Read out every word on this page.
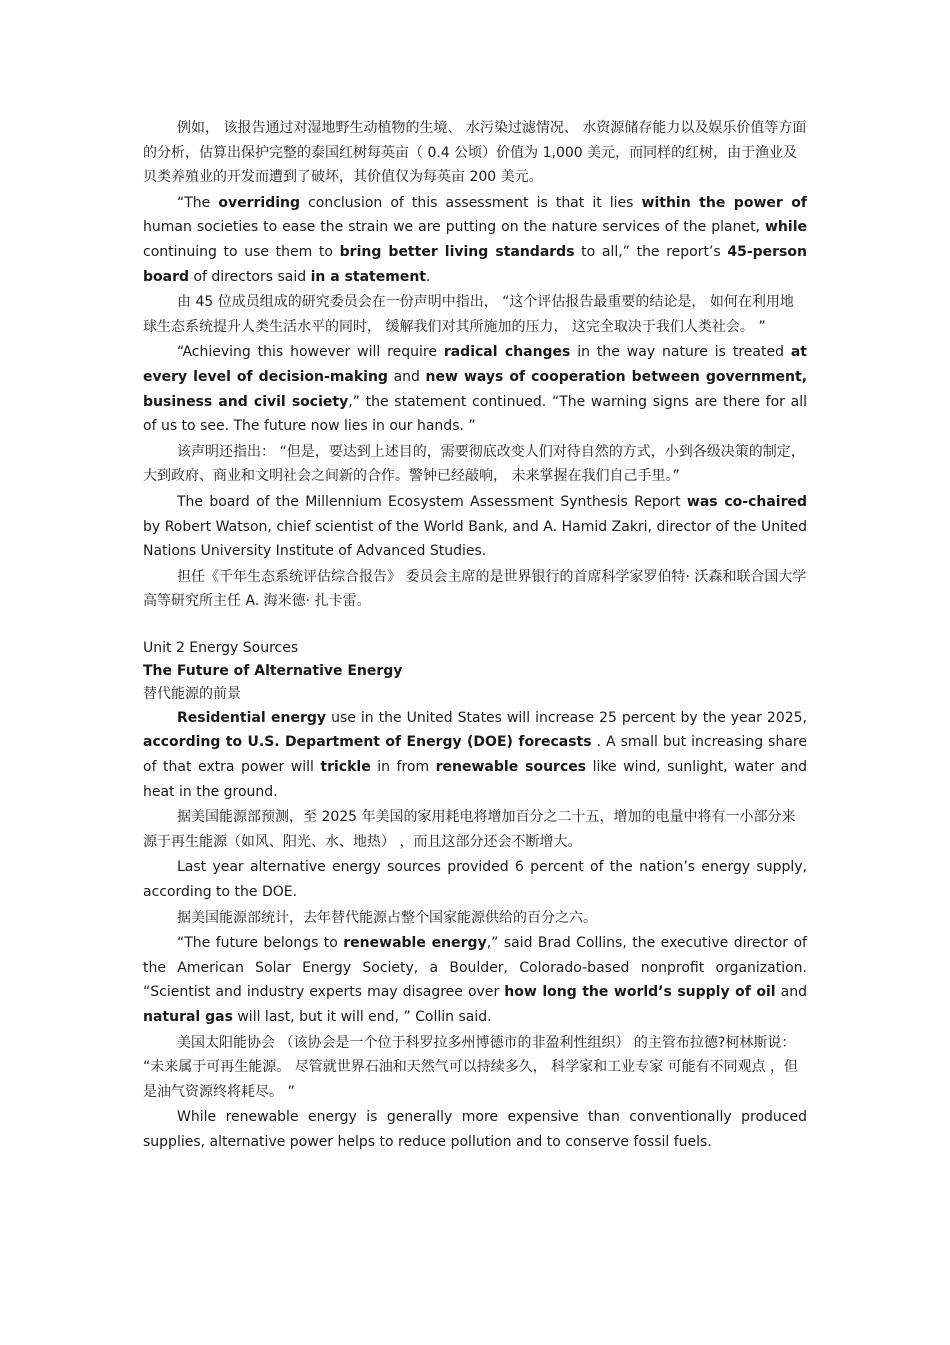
例如， 该报告通过对湿地野生动植物的生境、 水污染过滤情况、 水资源储存能力以及娱乐价值等方面的分析，估算出保护完整的泰国红树每英亩（ 0.4 公顷）价值为 1,000 美元，而同样的红树，由于渔业及贝类养殖业的开发而遭到了破坏，其价值仅为每英亩 200 美元。

“The overriding conclusion of this assessment is that it lies within the power of human societies to ease the strain we are putting on the nature services of the planet, while continuing to use them to bring better living standards to all,” the report’s 45-person board of directors said in a statement.

由 45 位成员组成的研究委员会在一份声明中指出， “这个评估报告最重要的结论是， 如何在利用地球生态系统提升人类生活水平的同时， 缓解我们对其所施加的压力， 这完全取决于我们人类社会。 ”

“Achieving this however will require radical changes in the way nature is treated at every level of decision-making and new ways of cooperation between government, business and civil society,” the statement continued. “The warning signs are there for all of us to see. The future now lies in our hands. ”

该声明还指出： “但是，要达到上述目的，需要彻底改变人们对待自然的方式，小到各级决策的制定， 大到政府、商业和文明社会之间新的合作。警钟已经敲响， 未来掌握在我们自己手里。”

The board of the Millennium Ecosystem Assessment Synthesis Report was co-chaired by Robert Watson, chief scientist of the World Bank, and A. Hamid Zakri, director of the United Nations University Institute of Advanced Studies.

担任《千年生态系统评估综合报告》 委员会主席的是世界银行的首席科学家罗伯特· 沃森和联合国大学高等研究所主任 A. 海米德· 扎卡雷。

Unit 2 Energy Sources

The Future of Alternative Energy

替代能源的前景

Residential energy use in the United States will increase 25 percent by the year 2025, according to U.S. Department of Energy (DOE) forecasts . A small but increasing share of that extra power will trickle in from renewable sources like wind, sunlight, water and heat in the ground.

据美国能源部预测，至 2025 年美国的家用耗电将增加百分之二十五，增加的电量中将有一小部分来源于再生能源（如风、阳光、水、地热） ，而且这部分还会不断增大。

Last year alternative energy sources provided 6 percent of the nation’s energy supply, according to the DOE.

据美国能源部统计，去年替代能源占整个国家能源供给的百分之六。

“The future belongs to renewable energy,” said Brad Collins, the executive director of the American Solar Energy Society, a Boulder, Colorado-based nonprofit organization. “Scientist and industry experts may disagree over how long the world’s supply of oil and natural gas will last, but it will end, ” Collin said.

美国太阳能协会 （该协会是一个位于科罗拉多州博德市的非盈利性组织） 的主管布拉德?柯林斯说： “未来属于可再生能源。 尽管就世界石油和天然气可以持续多久， 科学家和工业专家 可能有不同观点 ，但是油气资源终将耗尽。 ”

While renewable energy is generally more expensive than conventionally produced supplies, alternative power helps to reduce pollution and to conserve fossil fuels.
